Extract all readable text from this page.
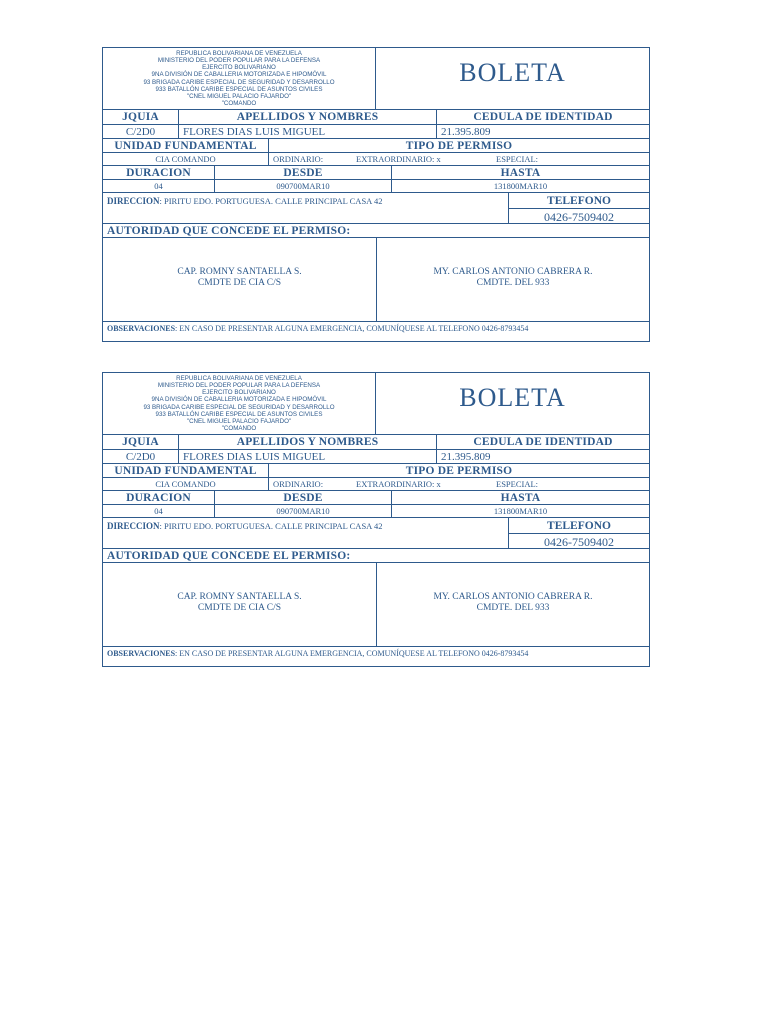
REPUBLICA BOLIVARIANA DE VENEZUELA
MINISTERIO DEL PODER POPULAR PARA LA DEFENSA
EJERCITO BOLIVARIANO
9NA DIVISIÓN DE CABALLERIA MOTORIZADA E HIPOMÓVIL
93 BRIGADA CARIBE ESPECIAL DE SEGURIDAD Y DESARROLLO
933 BATALLÓN CARIBE ESPECIAL DE ASUNTOS CIVILES
"CNEL MIGUEL PALACIO FAJARDO"
"COMANDO
BOLETA
JQUIA	APELLIDOS Y NOMBRES	CEDULA DE IDENTIDAD
C/2D0	FLORES DIAS LUIS MIGUEL	21.395.809
UNIDAD FUNDAMENTAL	TIPO DE PERMISO
CIA COMANDO	ORDINARIO:	EXTRAORDINARIO: x	ESPECIAL:
DURACION	DESDE	HASTA
04	090700MAR10	131800MAR10
DIRECCION: PIRITU EDO. PORTUGUESA. CALLE PRINCIPAL CASA 42	TELEFONO
0426-7509402
AUTORIDAD QUE CONCEDE EL PERMISO:
CAP. ROMNY SANTAELLA S.
CMDTE DE CIA C/S
MY. CARLOS ANTONIO CABRERA R.
CMDTE. DEL 933
OBSERVACIONES: EN CASO DE PRESENTAR ALGUNA EMERGENCIA, COMUNÍQUESE AL TELEFONO 0426-8793454
REPUBLICA BOLIVARIANA DE VENEZUELA
MINISTERIO DEL PODER POPULAR PARA LA DEFENSA
EJERCITO BOLIVARIANO
9NA DIVISIÓN DE CABALLERIA MOTORIZADA E HIPOMÓVIL
93 BRIGADA CARIBE ESPECIAL DE SEGURIDAD Y DESARROLLO
933 BATALLÓN CARIBE ESPECIAL DE ASUNTOS CIVILES
"CNEL MIGUEL PALACIO FAJARDO"
"COMANDO
BOLETA
JQUIA	APELLIDOS Y NOMBRES	CEDULA DE IDENTIDAD
C/2D0	FLORES DIAS LUIS MIGUEL	21.395.809
UNIDAD FUNDAMENTAL	TIPO DE PERMISO
CIA COMANDO	ORDINARIO:	EXTRAORDINARIO: x	ESPECIAL:
DURACION	DESDE	HASTA
04	090700MAR10	131800MAR10
DIRECCION: PIRITU EDO. PORTUGUESA. CALLE PRINCIPAL CASA 42	TELEFONO
0426-7509402
AUTORIDAD QUE CONCEDE EL PERMISO:
CAP. ROMNY SANTAELLA S.
CMDTE DE CIA C/S
MY. CARLOS ANTONIO CABRERA R.
CMDTE. DEL 933
OBSERVACIONES: EN CASO DE PRESENTAR ALGUNA EMERGENCIA, COMUNÍQUESE AL TELEFONO 0426-8793454
